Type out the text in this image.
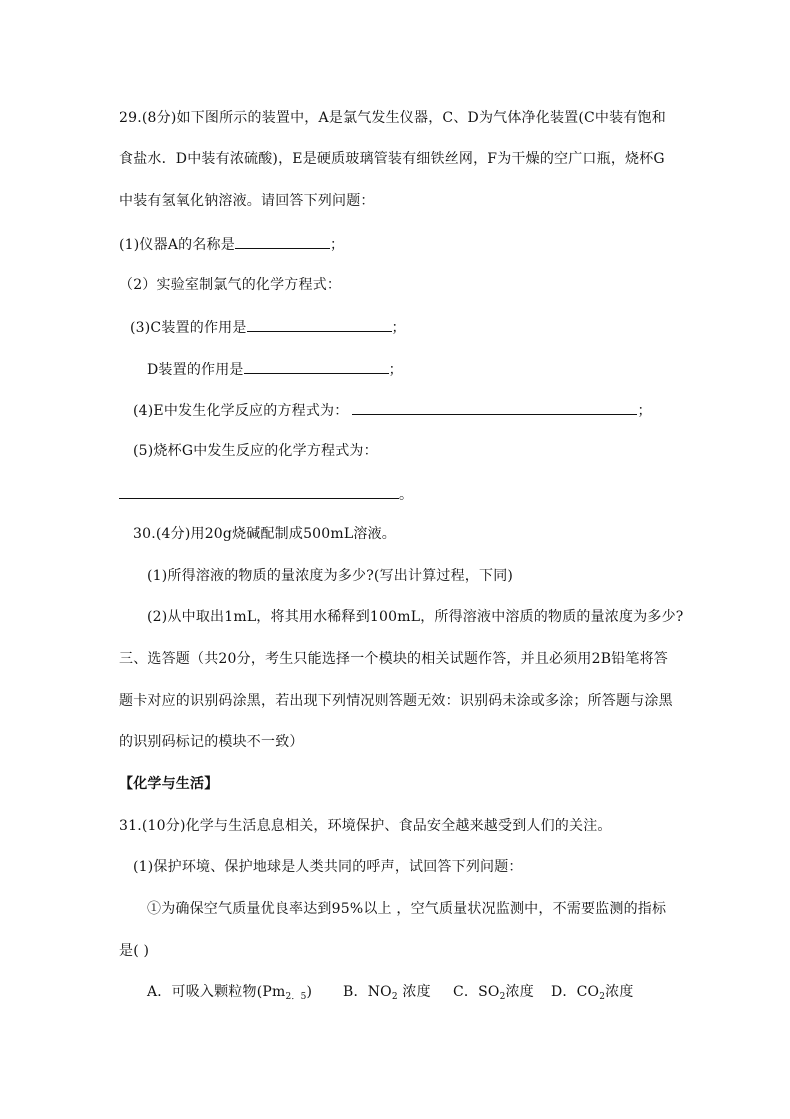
29.(8分)如下图所示的装置中，A是氯气发生仪器，C、D为气体净化装置(C中装有饱和
食盐水．D中装有浓硫酸)，E是硬质玻璃管装有细铁丝网，F为干燥的空广口瓶，烧杯G
中装有氢氧化钠溶液。请回答下列问题：
(1)仪器A的名称是	；
（2）实验室制氯气的化学方程式：
(3)C装置的作用是	；
D装置的作用是	；
(4)E中发生化学反应的方程式为：	；
(5)烧杯G中发生反应的化学方程式为：
。
30.(4分)用20g烧碱配制成500mL溶液。
(1)所得溶液的物质的量浓度为多少?(写出计算过程，下同)
(2)从中取出1mL，将其用水稀释到100mL，所得溶液中溶质的物质的量浓度为多少?
三、选答题（共20分，考生只能选择一个模块的相关试题作答，并且必须用2B铅笔将答
题卡对应的识别码涂黑，若出现下列情况则答题无效：识别码未涂或多涂；所答题与涂黑
的识别码标记的模块不一致）
【化学与生活】
31.(10分)化学与生活息息相关，环境保护、食品安全越来越受到人们的关注。
(1)保护环境、保护地球是人类共同的呼声，试回答下列问题：
①为确保空气质量优良率达到95%以上 ，空气质量状况监测中，不需要监测的指标
是( )
A．可吸入颗粒物$(Pm_{2.5})$ B．$NO_2$ 浓度 C．$SO_2$浓度 D．$CO_2$浓度
